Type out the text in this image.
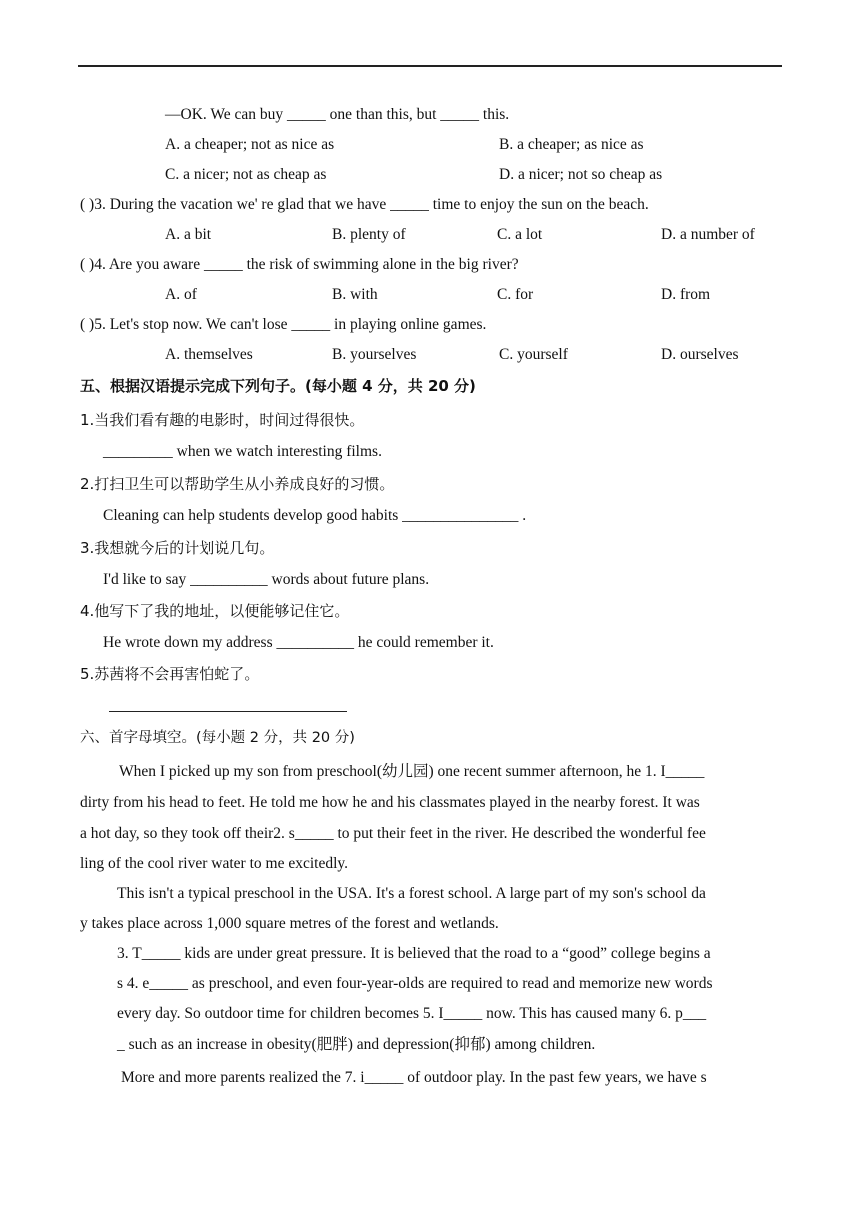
—OK. We can buy _____ one than this, but _____ this.
A. a cheaper; not as nice as	B. a cheaper; as nice as
C. a nicer; not as cheap as	D. a nicer; not so cheap as
( )3. During the vacation we' re glad that we have _____ time to enjoy the sun on the beach.
A. a bit	B. plenty of	C. a lot	D. a number of
( )4. Are you aware _____ the risk of swimming alone in the big river?
A. of	B. with	C. for	D. from
( )5. Let's stop now. We can't lose _____ in playing online games.
A. themselves	B. yourselves	C. yourself	D. ourselves
五、根据汉语提示完成下列句子。(每小题 4 分，共 20 分)
1.当我们看有趣的电影时，时间过得很快。
_________ when we watch interesting films.
2.打扫卫生可以帮助学生从小养成良好的习惯。
Cleaning can help students develop good habits _______________ .
3.我想就今后的计划说几句。
I'd like to say __________ words about future plans.
4.他写下了我的地址，以便能够记住它。
He wrote down my address __________ he could remember it.
5.苏茜将不会再害怕蛇了。
六、首字母填空。(每小题 2 分，共 20 分)
When I picked up my son from preschool(幼儿园) one recent summer afternoon, he 1. I_____
dirty from his head to feet. He told me how he and his classmates played in the nearby forest. It was
a hot day, so they took off their2. s_____ to put their feet in the river. He described the wonderful fee
ling of the cool river water to me excitedly.
This isn't a typical preschool in the USA. It's a forest school. A large part of my son's school da
y takes place across 1,000 square metres of the forest and wetlands.
3. T_____ kids are under great pressure. It is believed that the road to a “good” college begins a
s 4. e_____ as preschool, and even four-year-olds are required to read and memorize new words
every day. So outdoor time for children becomes 5. I_____ now. This has caused many 6. p___
_ such as an increase in obesity(肥胖) and depression(抑郁) among children.
More and more parents realized the 7. i_____ of outdoor play. In the past few years, we have s
